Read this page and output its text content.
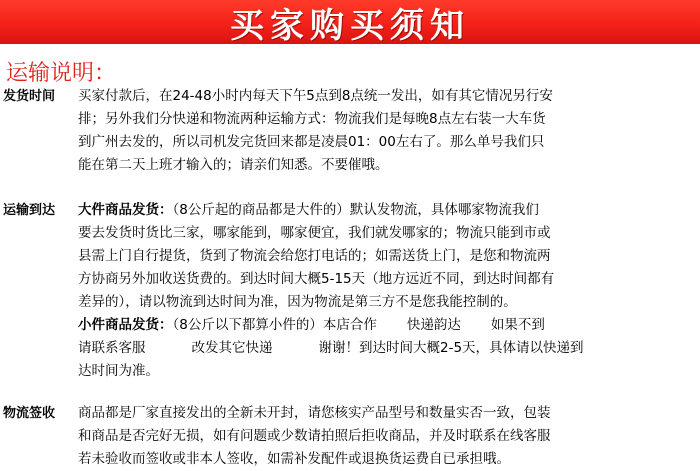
买家购买须知
运输说明：
发货时间	买家付款后，在24-48小时内每天下午5点到8点统一发出，如有其它情况另行安
排；另外我们分快递和物流两种运输方式：物流我们是每晚8点左右装一大车货
到广州去发的，所以司机发完货回来都是凌晨01：00左右了。那么单号我们只
能在第二天上班才输入的；请亲们知悉。不要催哦。
运输到达	大件商品发货：（8公斤起的商品都是大件的）默认发物流，具体哪家物流我们
要去发货时货比三家，哪家能到，哪家便宜，我们就发哪家的；物流只能到市或
县需上门自行提货，货到了物流会给您打电话的；如需送货上门，是您和物流两
方协商另外加收送货费的。到达时间大概5-15天（地方远近不同，到达时间都有
差异的），请以物流到达时间为准，因为物流是第三方不是您我能控制的。
小件商品发货：（8公斤以下都算小件的）本店合作 快递韵达 如果不到
请联系客服	改发其它快递	谢谢！到达时间大概2-5天，具体请以快递到
达时间为准。
物流签收	商品都是厂家直接发出的全新未开封，请您核实产品型号和数量实否一致，包装
和商品是否完好无损，如有问题或少数请拍照后拒收商品，并及时联系在线客服
若未验收而签收或非本人签收，如需补发配件或退换货运费自已承担哦。
